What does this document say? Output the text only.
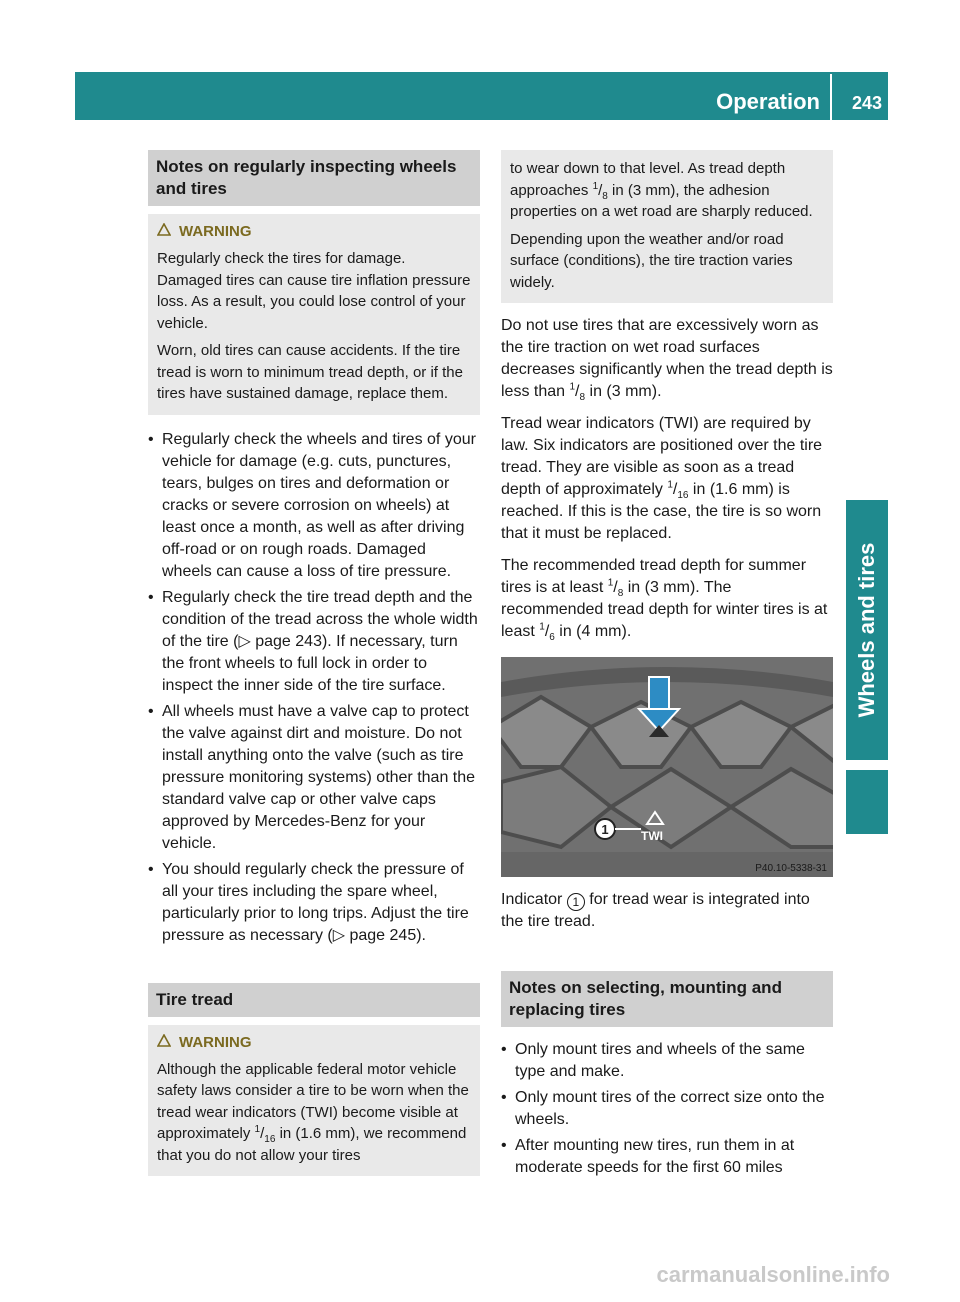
Operation 243
Wheels and tires
Notes on regularly inspecting wheels and tires
WARNING

Regularly check the tires for damage. Damaged tires can cause tire inflation pressure loss. As a result, you could lose control of your vehicle.

Worn, old tires can cause accidents. If the tire tread is worn to minimum tread depth, or if the tires have sustained damage, replace them.

• Regularly check the wheels and tires of your vehicle for damage (e.g. cuts, punctures, tears, bulges on tires and deformation or cracks or severe corrosion on wheels) at least once a month, as well as after driving off-road or on rough roads. Damaged wheels can cause a loss of tire pressure.
• Regularly check the tire tread depth and the condition of the tread across the whole width of the tire (▷ page 243). If necessary, turn the front wheels to full lock in order to inspect the inner side of the tire surface.
• All wheels must have a valve cap to protect the valve against dirt and moisture. Do not install anything onto the valve (such as tire pressure monitoring systems) other than the standard valve cap or other valve caps approved by Mercedes-Benz for your vehicle.
• You should regularly check the pressure of all your tires including the spare wheel, particularly prior to long trips. Adjust the tire pressure as necessary (▷ page 245).
Tire tread
WARNING

Although the applicable federal motor vehicle safety laws consider a tire to be worn when the tread wear indicators (TWI) become visible at approximately $^1/_{16}$ in (1.6 mm), we recommend that you do not allow your tires

to wear down to that level. As tread depth approaches $^1/_8$ in (3 mm), the adhesion properties on a wet road are sharply reduced.

Depending upon the weather and/or road surface (conditions), the tire traction varies widely.

Do not use tires that are excessively worn as the tire traction on wet road surfaces decreases significantly when the tread depth is less than $^1/_8$ in (3 mm).

Tread wear indicators (TWI) are required by law. Six indicators are positioned over the tire tread. They are visible as soon as a tread depth of approximately $^1/_{16}$ in (1.6 mm) is reached. If this is the case, the tire is so worn that it must be replaced.

The recommended tread depth for summer tires is at least $^1/_8$ in (3 mm). The recommended tread depth for winter tires is at least $^1/_6$ in (4 mm).

1	TWI
P40.10-5338-31

Indicator 1 for tread wear is integrated into the tire tread.

Notes on selecting, mounting and replacing tires
• Only mount tires and wheels of the same type and make.
• Only mount tires of the correct size onto the wheels.
• After mounting new tires, run them in at moderate speeds for the first 60 miles
carmanualsonline.info
